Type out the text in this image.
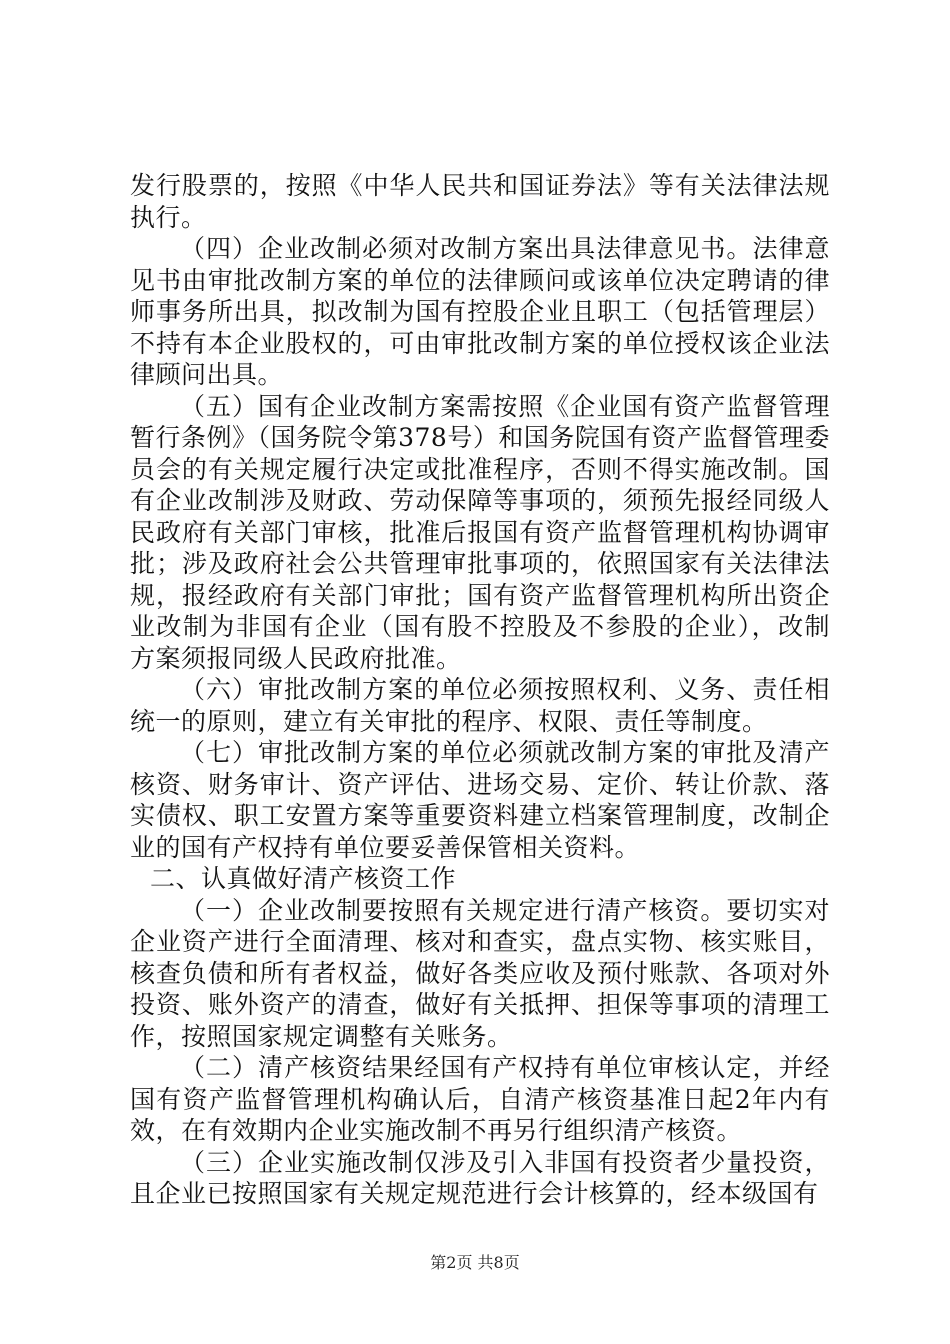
发行股票的，按照《中华人民共和国证券法》等有关法律法规执行。

（四）企业改制必须对改制方案出具法律意见书。法律意见书由审批改制方案的单位的法律顾问或该单位决定聘请的律师事务所出具，拟改制为国有控股企业且职工（包括管理层）不持有本企业股权的，可由审批改制方案的单位授权该企业法律顾问出具。

（五）国有企业改制方案需按照《企业国有资产监督管理暂行条例》（国务院令第378号）和国务院国有资产监督管理委员会的有关规定履行决定或批准程序，否则不得实施改制。国有企业改制涉及财政、劳动保障等事项的，须预先报经同级人民政府有关部门审核，批准后报国有资产监督管理机构协调审批；涉及政府社会公共管理审批事项的，依照国家有关法律法规，报经政府有关部门审批；国有资产监督管理机构所出资企业改制为非国有企业（国有股不控股及不参股的企业），改制方案须报同级人民政府批准。

（六）审批改制方案的单位必须按照权利、义务、责任相统一的原则，建立有关审批的程序、权限、责任等制度。

（七）审批改制方案的单位必须就改制方案的审批及清产核资、财务审计、资产评估、进场交易、定价、转让价款、落实债权、职工安置方案等重要资料建立档案管理制度，改制企业的国有产权持有单位要妥善保管相关资料。

二、认真做好清产核资工作

（一）企业改制要按照有关规定进行清产核资。要切实对企业资产进行全面清理、核对和查实，盘点实物、核实账目，核查负债和所有者权益，做好各类应收及预付账款、各项对外投资、账外资产的清查，做好有关抵押、担保等事项的清理工作，按照国家规定调整有关账务。

（二）清产核资结果经国有产权持有单位审核认定，并经国有资产监督管理机构确认后，自清产核资基准日起2年内有效，在有效期内企业实施改制不再另行组织清产核资。

（三）企业实施改制仅涉及引入非国有投资者少量投资，且企业已按照国家有关规定规范进行会计核算的，经本级国有

第2页 共8页
